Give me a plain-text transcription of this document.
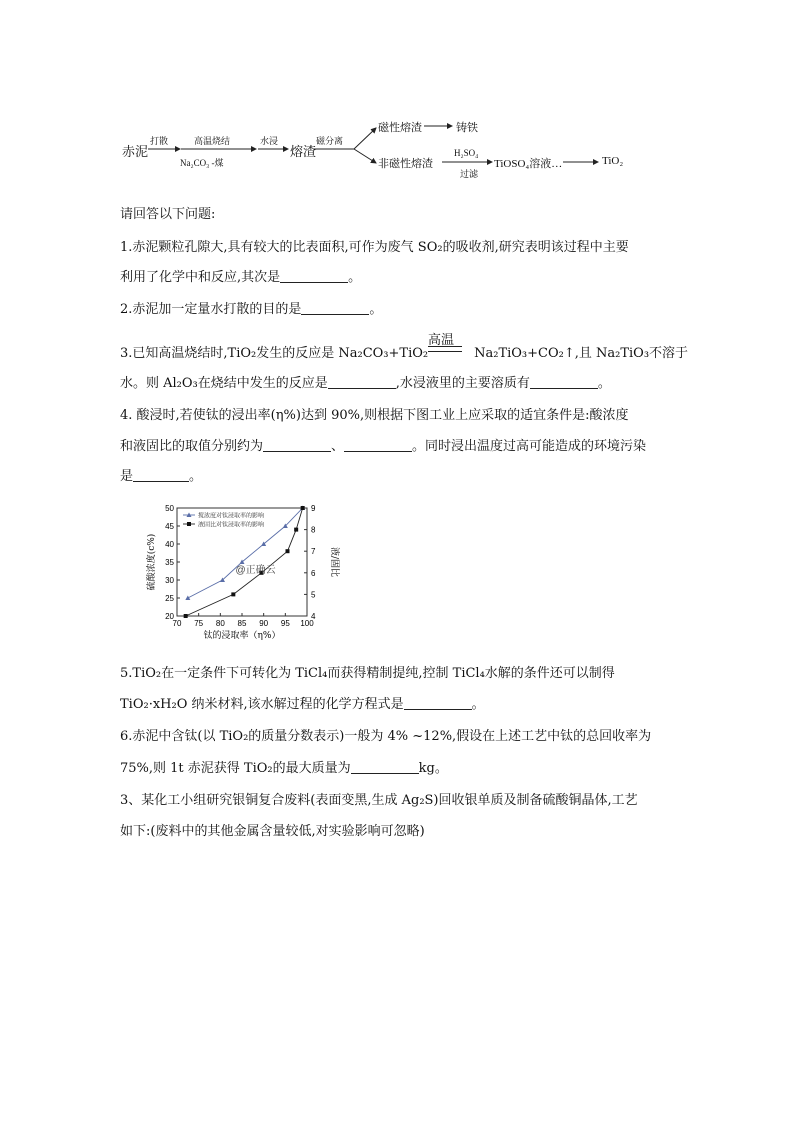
赤泥
打散	高温烧结
Na₂CO₃ -煤
水浸
熔渣
磁分离
磁性熔渣	铸铁
非磁性熔渣
H₂SO₄
过滤
TiOSO₄溶液…	TiO₂
请回答以下问题:
1.赤泥颗粒孔隙大,具有较大的比表面积,可作为废气 SO₂的吸收剂,研究表明该过程中主要
利用了化学中和反应,其次是	。
2.赤泥加一定量水打散的目的是	。
高温
3.已知高温烧结时,TiO₂发生的反应是 Na₂CO₃+TiO₂	Na₂TiO₃+CO₂↑,且 Na₂TiO₃不溶于
水。则 Al₂O₃在烧结中发生的反应是	,水浸液里的主要溶质有	。
4. 酸浸时,若使钛的浸出率(η%)达到 90%,则根据下图工业上应采取的适宜条件是:酸浓度
和液固比的取值分别约为	、	。同时浸出温度过高可能造成的环境污染
是	。
70 75 80 85 90 95 100
20
25
30
35
40
45
50
4
5
6
7
8
9
钛的浸取率（η%）
硫酸浓度(c%)	液/固比
搅浓度对钛浸取率的影响
液固比对钛浸取率的影响
@正确云
5.TiO₂在一定条件下可转化为 TiCl₄而获得精制提纯,控制 TiCl₄水解的条件还可以制得
TiO₂·xH₂O 纳米材料,该水解过程的化学方程式是	。
6.赤泥中含钛(以 TiO₂的质量分数表示)一般为 4% ~12%,假设在上述工艺中钛的总回收率为
75%,则 1t 赤泥获得 TiO₂的最大质量为	kg。
3、某化工小组研究银铜复合废料(表面变黑,生成 Ag₂S)回收银单质及制备硫酸铜晶体,工艺
如下:(废料中的其他金属含量较低,对实验影响可忽略)
